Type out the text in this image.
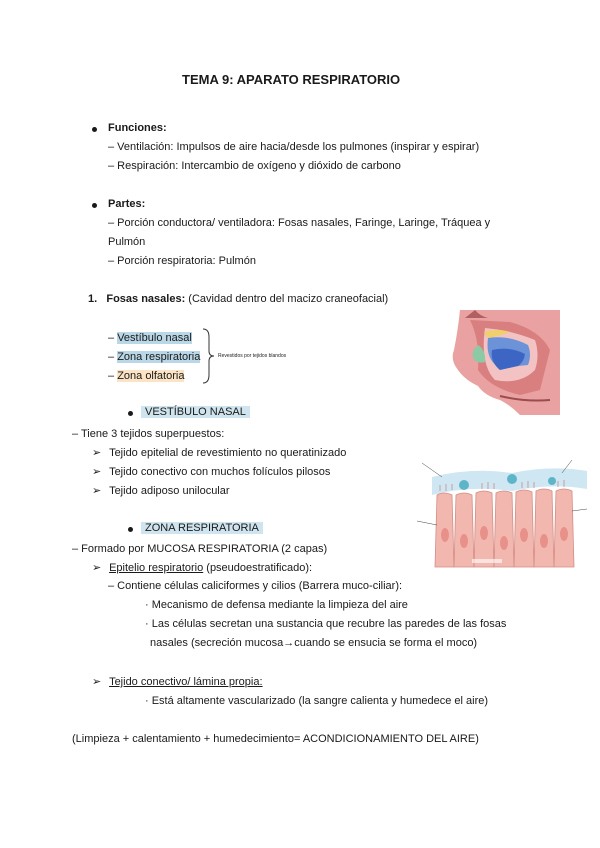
TEMA 9: APARATO RESPIRATORIO
Funciones:
– Ventilación: Impulsos de aire hacia/desde los pulmones (inspirar y espirar)
– Respiración: Intercambio de oxígeno y dióxido de carbono
Partes:
– Porción conductora/ ventiladora: Fosas nasales, Faringe, Laringe, Tráquea y
Pulmón
– Porción respiratoria: Pulmón
1. Fosas nasales: (Cavidad dentro del macizo craneofacial)
– Vestíbulo nasal
– Zona respiratoria
– Zona olfatoria
Revestidos por tejidos blandos
VESTÍBULO NASAL
– Tiene 3 tejidos superpuestos:
➢ Tejido epitelial de revestimiento no queratinizado
➢ Tejido conectivo con muchos folículos pilosos
➢ Tejido adiposo unilocular
ZONA RESPIRATORIA
– Formado por MUCOSA RESPIRATORIA (2 capas)
➢ Epitelio respiratorio (pseudoestratificado):
– Contiene células caliciformes y cilios (Barrera muco-ciliar):
· Mecanismo de defensa mediante la limpieza del aire
· Las células secretan una sustancia que recubre las paredes de las fosas
nasales (secreción mucosa→cuando se ensucia se forma el moco)
➢ Tejido conectivo/ lámina propia:
· Está altamente vascularizado (la sangre calienta y humedece el aire)
(Limpieza + calentamiento + humedecimiento= ACONDICIONAMIENTO DEL AIRE)
